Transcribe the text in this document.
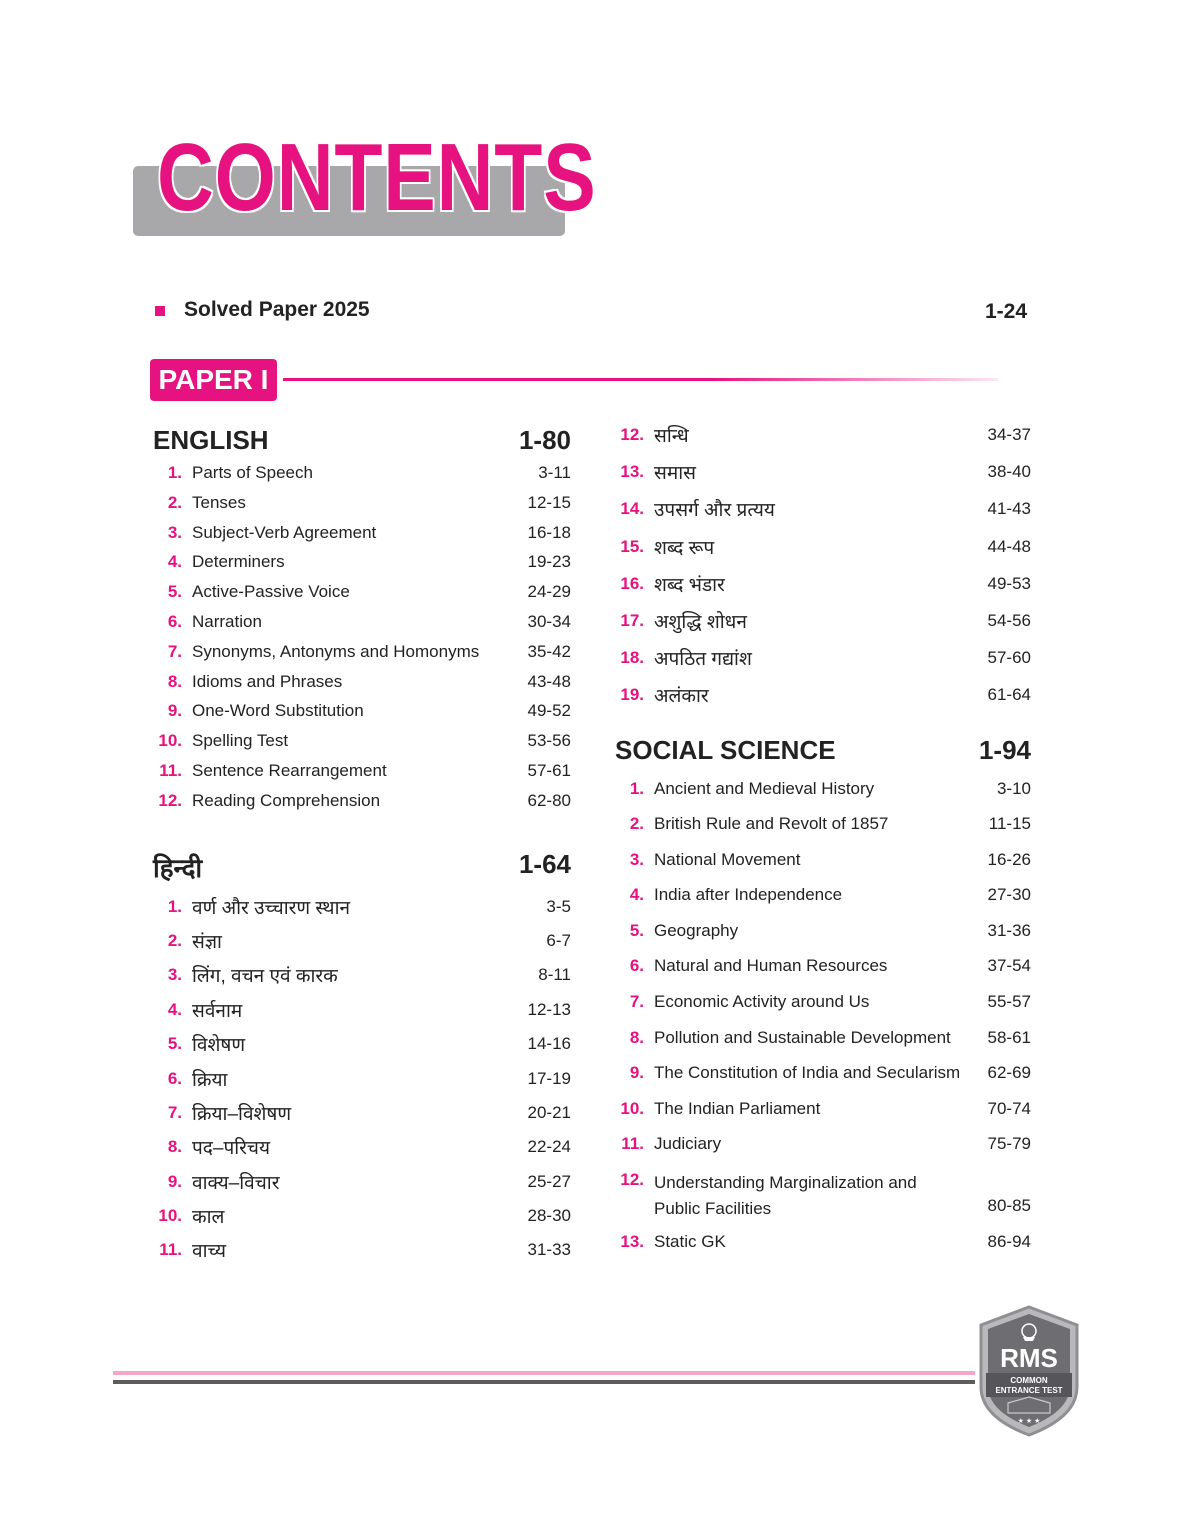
CONTENTS
Solved Paper 2025	1-24
PAPER I
ENGLISH	1-80
1. Parts of Speech	3-11
2. Tenses	12-15
3. Subject-Verb Agreement	16-18
4. Determiners	19-23
5. Active-Passive Voice	24-29
6. Narration	30-34
7. Synonyms, Antonyms and Homonyms	35-42
8. Idioms and Phrases	43-48
9. One-Word Substitution	49-52
10. Spelling Test	53-56
11. Sentence Rearrangement	57-61
12. Reading Comprehension	62-80
हिन्दी	1-64
1. वर्ण और उच्चारण स्थान	3-5
2. संज्ञा	6-7
3. लिंग, वचन एवं कारक	8-11
4. सर्वनाम	12-13
5. विशेषण	14-16
6. क्रिया	17-19
7. क्रिया–विशेषण	20-21
8. पद–परिचय	22-24
9. वाक्य–विचार	25-27
10. काल	28-30
11. वाच्य	31-33
12. सन्धि	34-37
13. समास	38-40
14. उपसर्ग और प्रत्यय	41-43
15. शब्द रूप	44-48
16. शब्द भंडार	49-53
17. अशुद्धि शोधन	54-56
18. अपठित गद्यांश	57-60
19. अलंकार	61-64
SOCIAL SCIENCE	1-94
1. Ancient and Medieval History	3-10
2. British Rule and Revolt of 1857	11-15
3. National Movement	16-26
4. India after Independence	27-30
5. Geography	31-36
6. Natural and Human Resources	37-54
7. Economic Activity around Us	55-57
8. Pollution and Sustainable Development 58-61
9. The Constitution of India and Secularism 62-69
10. The Indian Parliament	70-74
11. Judiciary	75-79
12. Understanding Marginalization and Public Facilities	80-85
13. Static GK	86-94
RMS
COMMON
ENTRANCE TEST
★ ★ ★
